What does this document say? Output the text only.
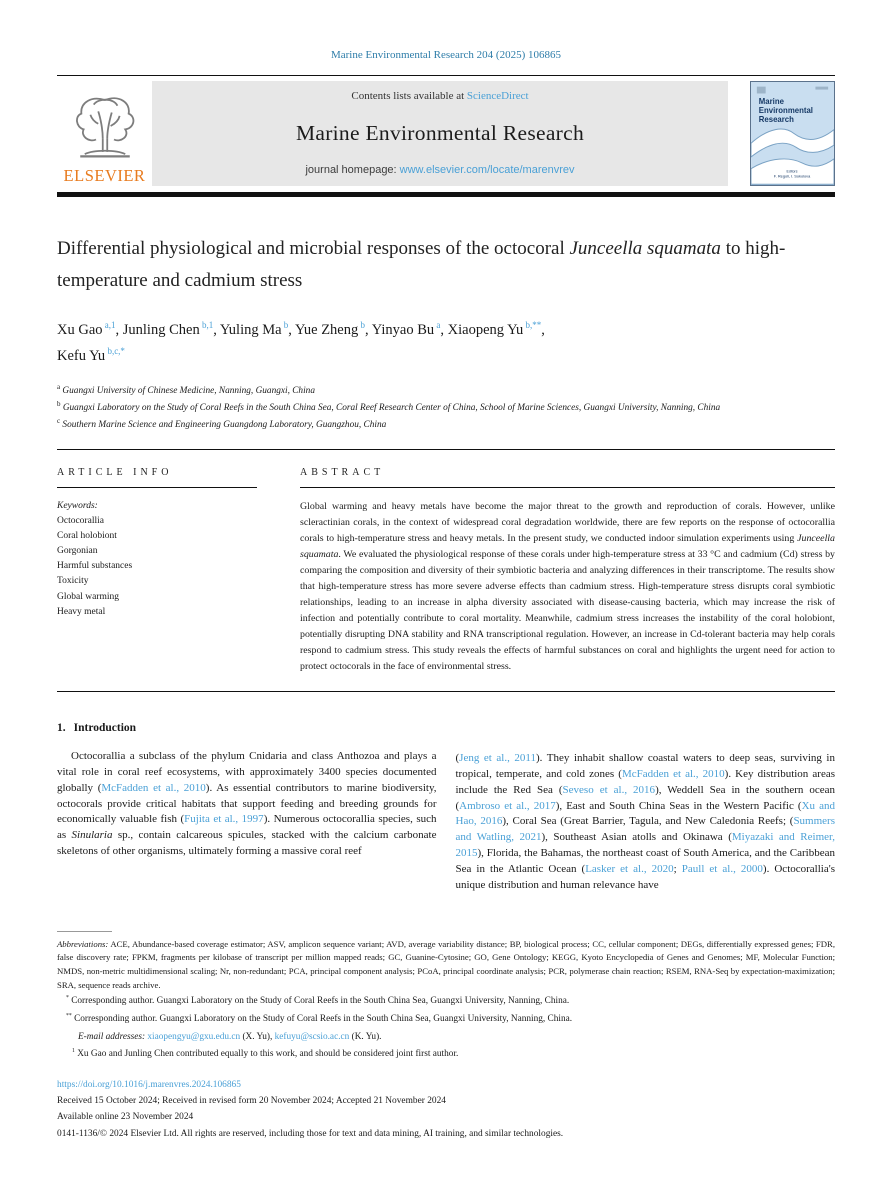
Marine Environmental Research 204 (2025) 106865
ELSEVIER
Contents lists available at ScienceDirect
Marine Environmental Research
journal homepage: www.elsevier.com/locate/marenvrev
Marine
Environmental
Research
Editors
F. Regoli, I. Sokolova
Differential physiological and microbial responses of the octocoral Junceella squamata to high-temperature and cadmium stress
Xu Gao $^{a,1}$, Junling Chen $^{b,1}$, Yuling Ma $^b$, Yue Zheng $^b$, Yinyao Bu $^a$, Xiaopeng Yu $^{b,**}$,
Kefu Yu $^{b,c,*}$
$^a$ Guangxi University of Chinese Medicine, Nanning, Guangxi, China
$^b$ Guangxi Laboratory on the Study of Coral Reefs in the South China Sea, Coral Reef Research Center of China, School of Marine Sciences, Guangxi University, Nanning, China
$^c$ Southern Marine Science and Engineering Guangdong Laboratory, Guangzhou, China
ARTICLE INFO
Keywords:
Octocorallia
Coral holobiont
Gorgonian
Harmful substances
Toxicity
Global warming
Heavy metal
ABSTRACT
Global warming and heavy metals have become the major threat to the growth and reproduction of corals. However, unlike scleractinian corals, in the context of widespread coral degradation worldwide, there are few reports on the response of octocorallia corals to high-temperature stress and heavy metals. In the present study, we conducted indoor simulation experiments using Junceella squamata. We evaluated the physiological response of these corals under high-temperature stress at 33 °C and cadmium (Cd) stress by comparing the composition and diversity of their symbiotic bacteria and analyzing differences in their transcriptome. The results show that high-temperature stress has more severe adverse effects than cadmium stress. High-temperature stress disrupts coral symbiotic relationships, leading to an increase in alpha diversity associated with disease-causing bacteria, which may increase the risk of infection and potentially contribute to coral mortality. Meanwhile, cadmium stress increases the instability of the coral holobiont, potentially disrupting DNA stability and RNA transcriptional regulation. However, an increase in Cd-tolerant bacteria may help corals respond to cadmium stress. This study reveals the effects of harmful substances on coral and highlights the urgent need for action to protect octocorals in the face of environmental stress.
1. Introduction

Octocorallia a subclass of the phylum Cnidaria and class Anthozoa and plays a vital role in coral reef ecosystems, with approximately 3400 species documented globally (McFadden et al., 2010). As essential contributors to marine biodiversity, octocorals provide critical habitats that support feeding and breeding grounds for economically valuable fish (Fujita et al., 1997). Numerous octocorallia species, such as Sinularia sp., contain calcareous spicules, stacked with the calcium carbonate skeletons of other organisms, ultimately forming a massive coral reef

(Jeng et al., 2011). They inhabit shallow coastal waters to deep seas, surviving in tropical, temperate, and cold zones (McFadden et al., 2010). Key distribution areas include the Red Sea (Seveso et al., 2016), Weddell Sea in the southern ocean (Ambroso et al., 2017), East and South China Seas in the Western Pacific (Xu and Hao, 2016), Coral Sea (Great Barrier, Tagula, and New Caledonia Reefs; (Summers and Watling, 2021), Southeast Asian atolls and Okinawa (Miyazaki and Reimer, 2015), Florida, the Bahamas, the northeast coast of South America, and the Caribbean Sea in the Atlantic Ocean (Lasker et al., 2020; Paull et al., 2000). Octocorallia's unique distribution and human relevance have

Abbreviations: ACE, Abundance-based coverage estimator; ASV, amplicon sequence variant; AVD, average variability distance; BP, biological process; CC, cellular component; DEGs, differentially expressed genes; FDR, false discovery rate; FPKM, fragments per kilobase of transcript per million mapped reads; GC, Guanine-Cytosine; GO, Gene Ontology; KEGG, Kyoto Encyclopedia of Genes and Genomes; MF, Molecular Function; NMDS, non-metric multidimensional scaling; Nr, non-redundant; PCA, principal component analysis; PCoA, principal coordinate analysis; PCR, polymerase chain reaction; RSEM, RNA-Seq by expectation-maximization; SRA, sequence reads archive.

* Corresponding author. Guangxi Laboratory on the Study of Coral Reefs in the South China Sea, Guangxi University, Nanning, China.
** Corresponding author. Guangxi Laboratory on the Study of Coral Reefs in the South China Sea, Guangxi University, Nanning, China.
E-mail addresses: xiaopengyu@gxu.edu.cn (X. Yu), kefuyu@scsio.ac.cn (K. Yu).
$^1$ Xu Gao and Junling Chen contributed equally to this work, and should be considered joint first author.
https://doi.org/10.1016/j.marenvres.2024.106865
Received 15 October 2024; Received in revised form 20 November 2024; Accepted 21 November 2024
Available online 23 November 2024
0141-1136/© 2024 Elsevier Ltd. All rights are reserved, including those for text and data mining, AI training, and similar technologies.
